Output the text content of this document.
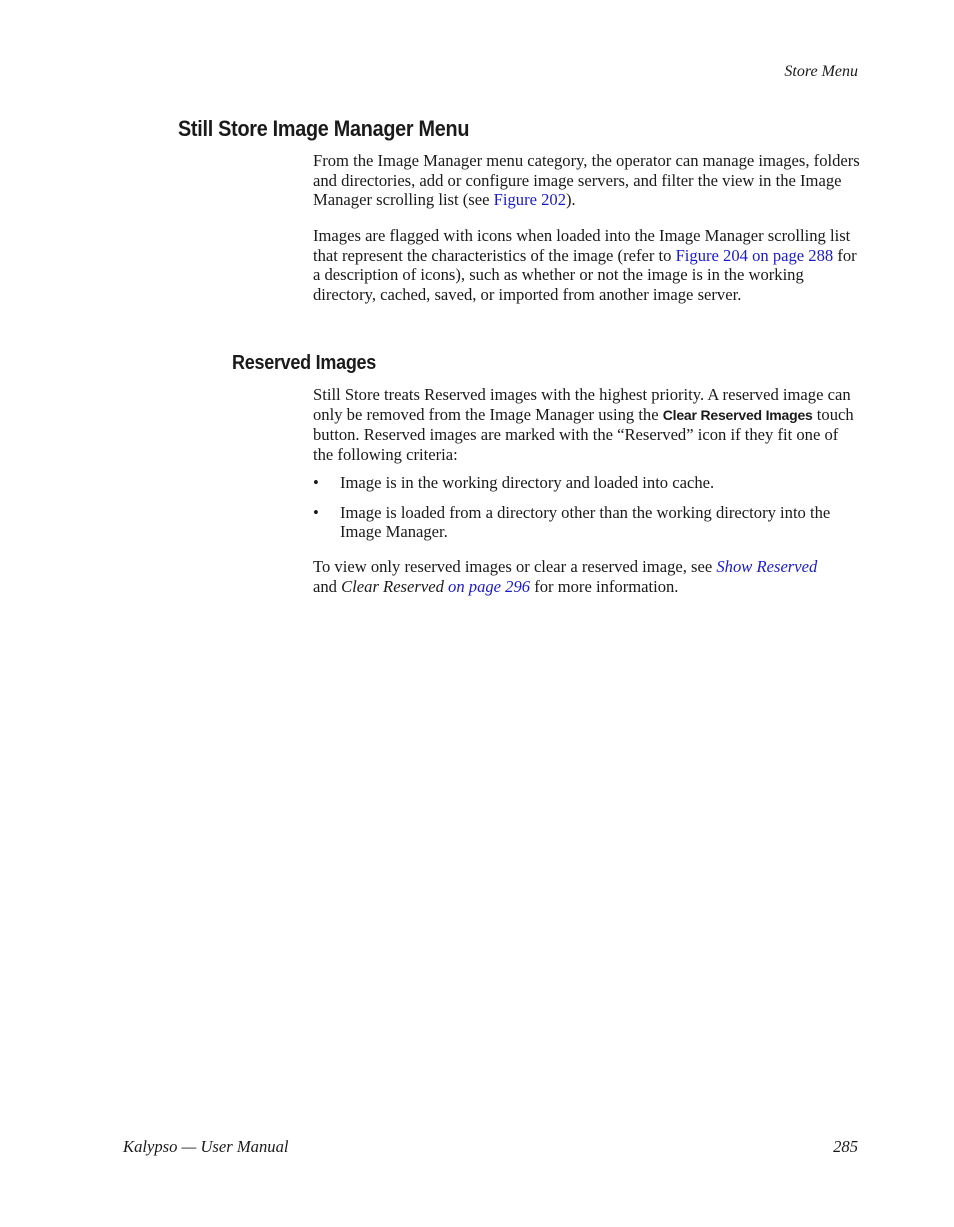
Store Menu
Still Store Image Manager Menu

From the Image Manager menu category, the operator can manage images, folders and directories, add or configure image servers, and filter the view in the Image Manager scrolling list (see Figure 202).

Images are flagged with icons when loaded into the Image Manager scrolling list that represent the characteristics of the image (refer to Figure 204 on page 288 for a description of icons), such as whether or not the image is in the working directory, cached, saved, or imported from another image server.

Reserved Images

Still Store treats Reserved images with the highest priority. A reserved image can only be removed from the Image Manager using the Clear Reserved Images touch button. Reserved images are marked with the “Reserved” icon if they fit one of the following criteria:

• Image is in the working directory and loaded into cache.
• Image is loaded from a directory other than the working directory into the Image Manager.

To view only reserved images or clear a reserved image, see Show Reserved
and Clear Reserved on page 296 for more information.

Kalypso — User Manual	285
